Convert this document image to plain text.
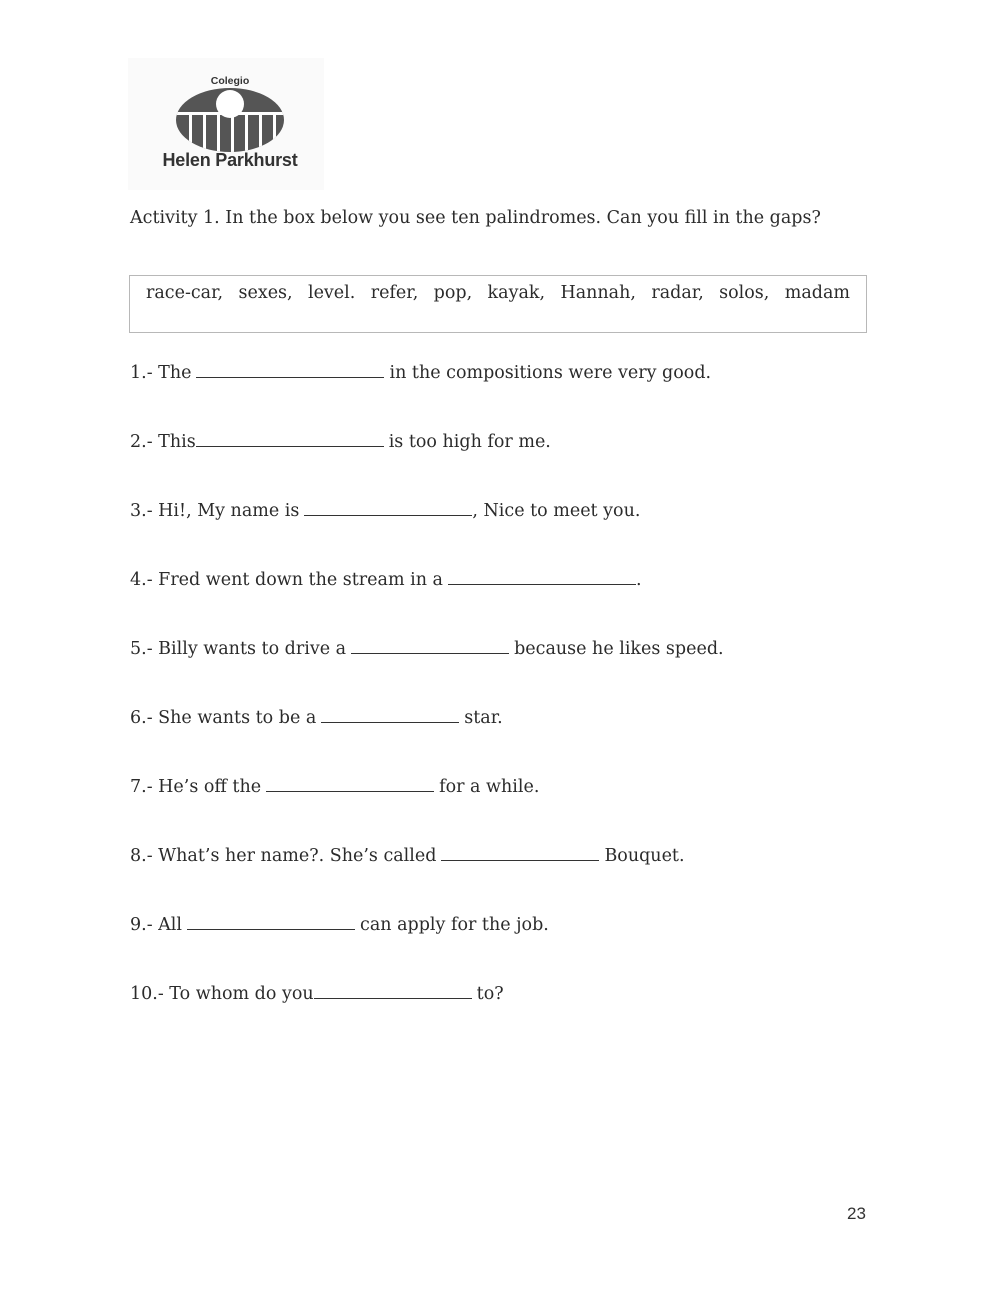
Colegio
Helen Parkhurst
Activity 1. In the box below you see ten palindromes. Can you fill in the gaps?
race-car, sexes, level. refer, pop, kayak, Hannah, radar, solos, madam
1.- The	in the compositions were very good.
2.- This	is too high for me.
3.- Hi!, My name is	, Nice to meet you.
4.- Fred went down the stream in a	.
5.- Billy wants to drive a	because he likes speed.
6.- She wants to be a	star.
7.- He’s off the	for a while.
8.- What’s her name?. She’s called	Bouquet.
9.- All	can apply for the job.
10.- To whom do you	to?
23
